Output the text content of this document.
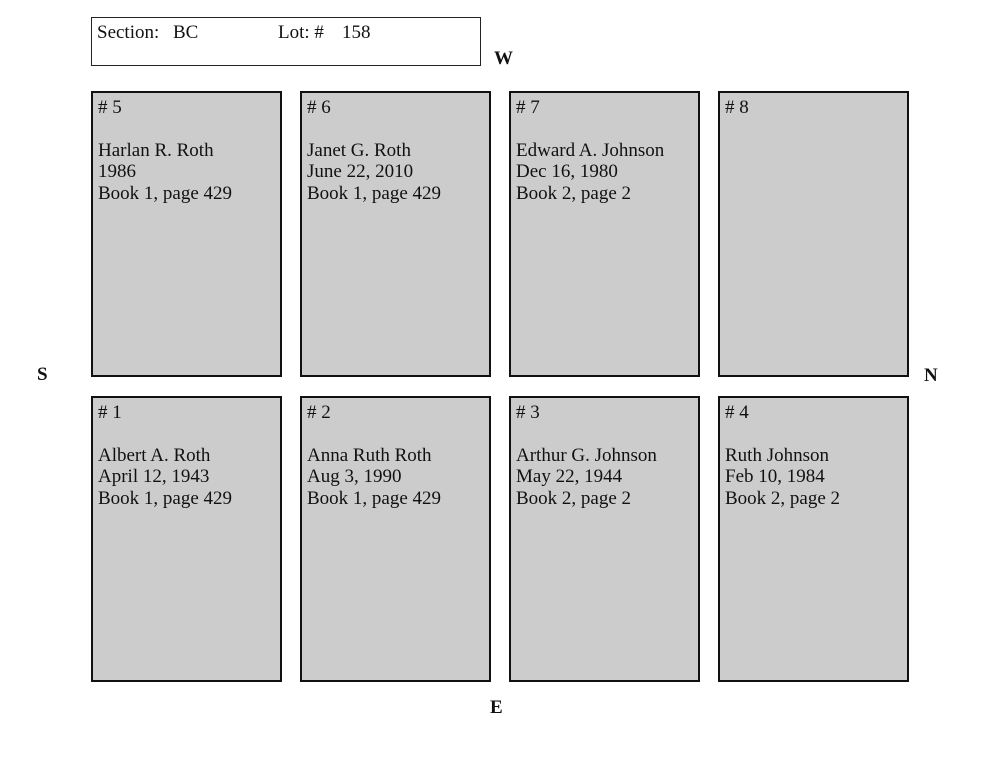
Section: BC	Lot: # 158
W
S	N
E
# 5
Harlan R. Roth
1986
Book 1, page 429
# 6
Janet G. Roth
June 22, 2010
Book 1, page 429
# 7
Edward A. Johnson
Dec 16, 1980
Book 2, page 2
# 8
# 1
Albert A. Roth
April 12, 1943
Book 1, page 429
# 2
Anna Ruth Roth
Aug 3, 1990
Book 1, page 429
# 3
Arthur G. Johnson
May 22, 1944
Book 2, page 2
# 4
Ruth Johnson
Feb 10, 1984
Book 2, page 2
